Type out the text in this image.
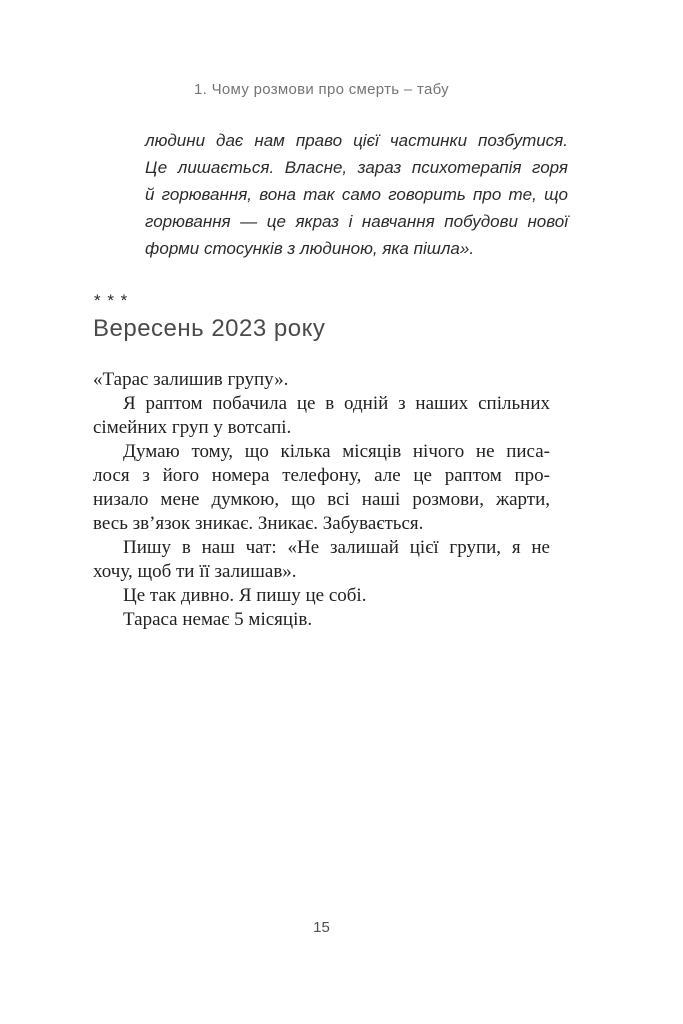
1. Чому розмови про смерть – табу
людини дає нам право цієї частинки позбутися.
Це лишається. Власне, зараз психотерапія горя
й горювання, вона так само говорить про те, що
горювання — це якраз і навчання побудови нової
форми стосунків з людиною, яка пішла».
* * *
Вересень 2023 року

«Тарас залишив групу».

Я раптом побачила це в одній з наших спільних
сімейних груп у вотсапі.

Думаю тому, що кілька місяців нічого не писа-
лося з його номера телефону, але це раптом про-
низало мене думкою, що всі наші розмови, жарти,
весь зв’язок зникає. Зникає. Забувається.

Пишу в наш чат: «Не залишай цієї групи, я не
хочу, щоб ти її залишав».

Це так дивно. Я пишу це собі.

Тараса немає 5 місяців.

15
